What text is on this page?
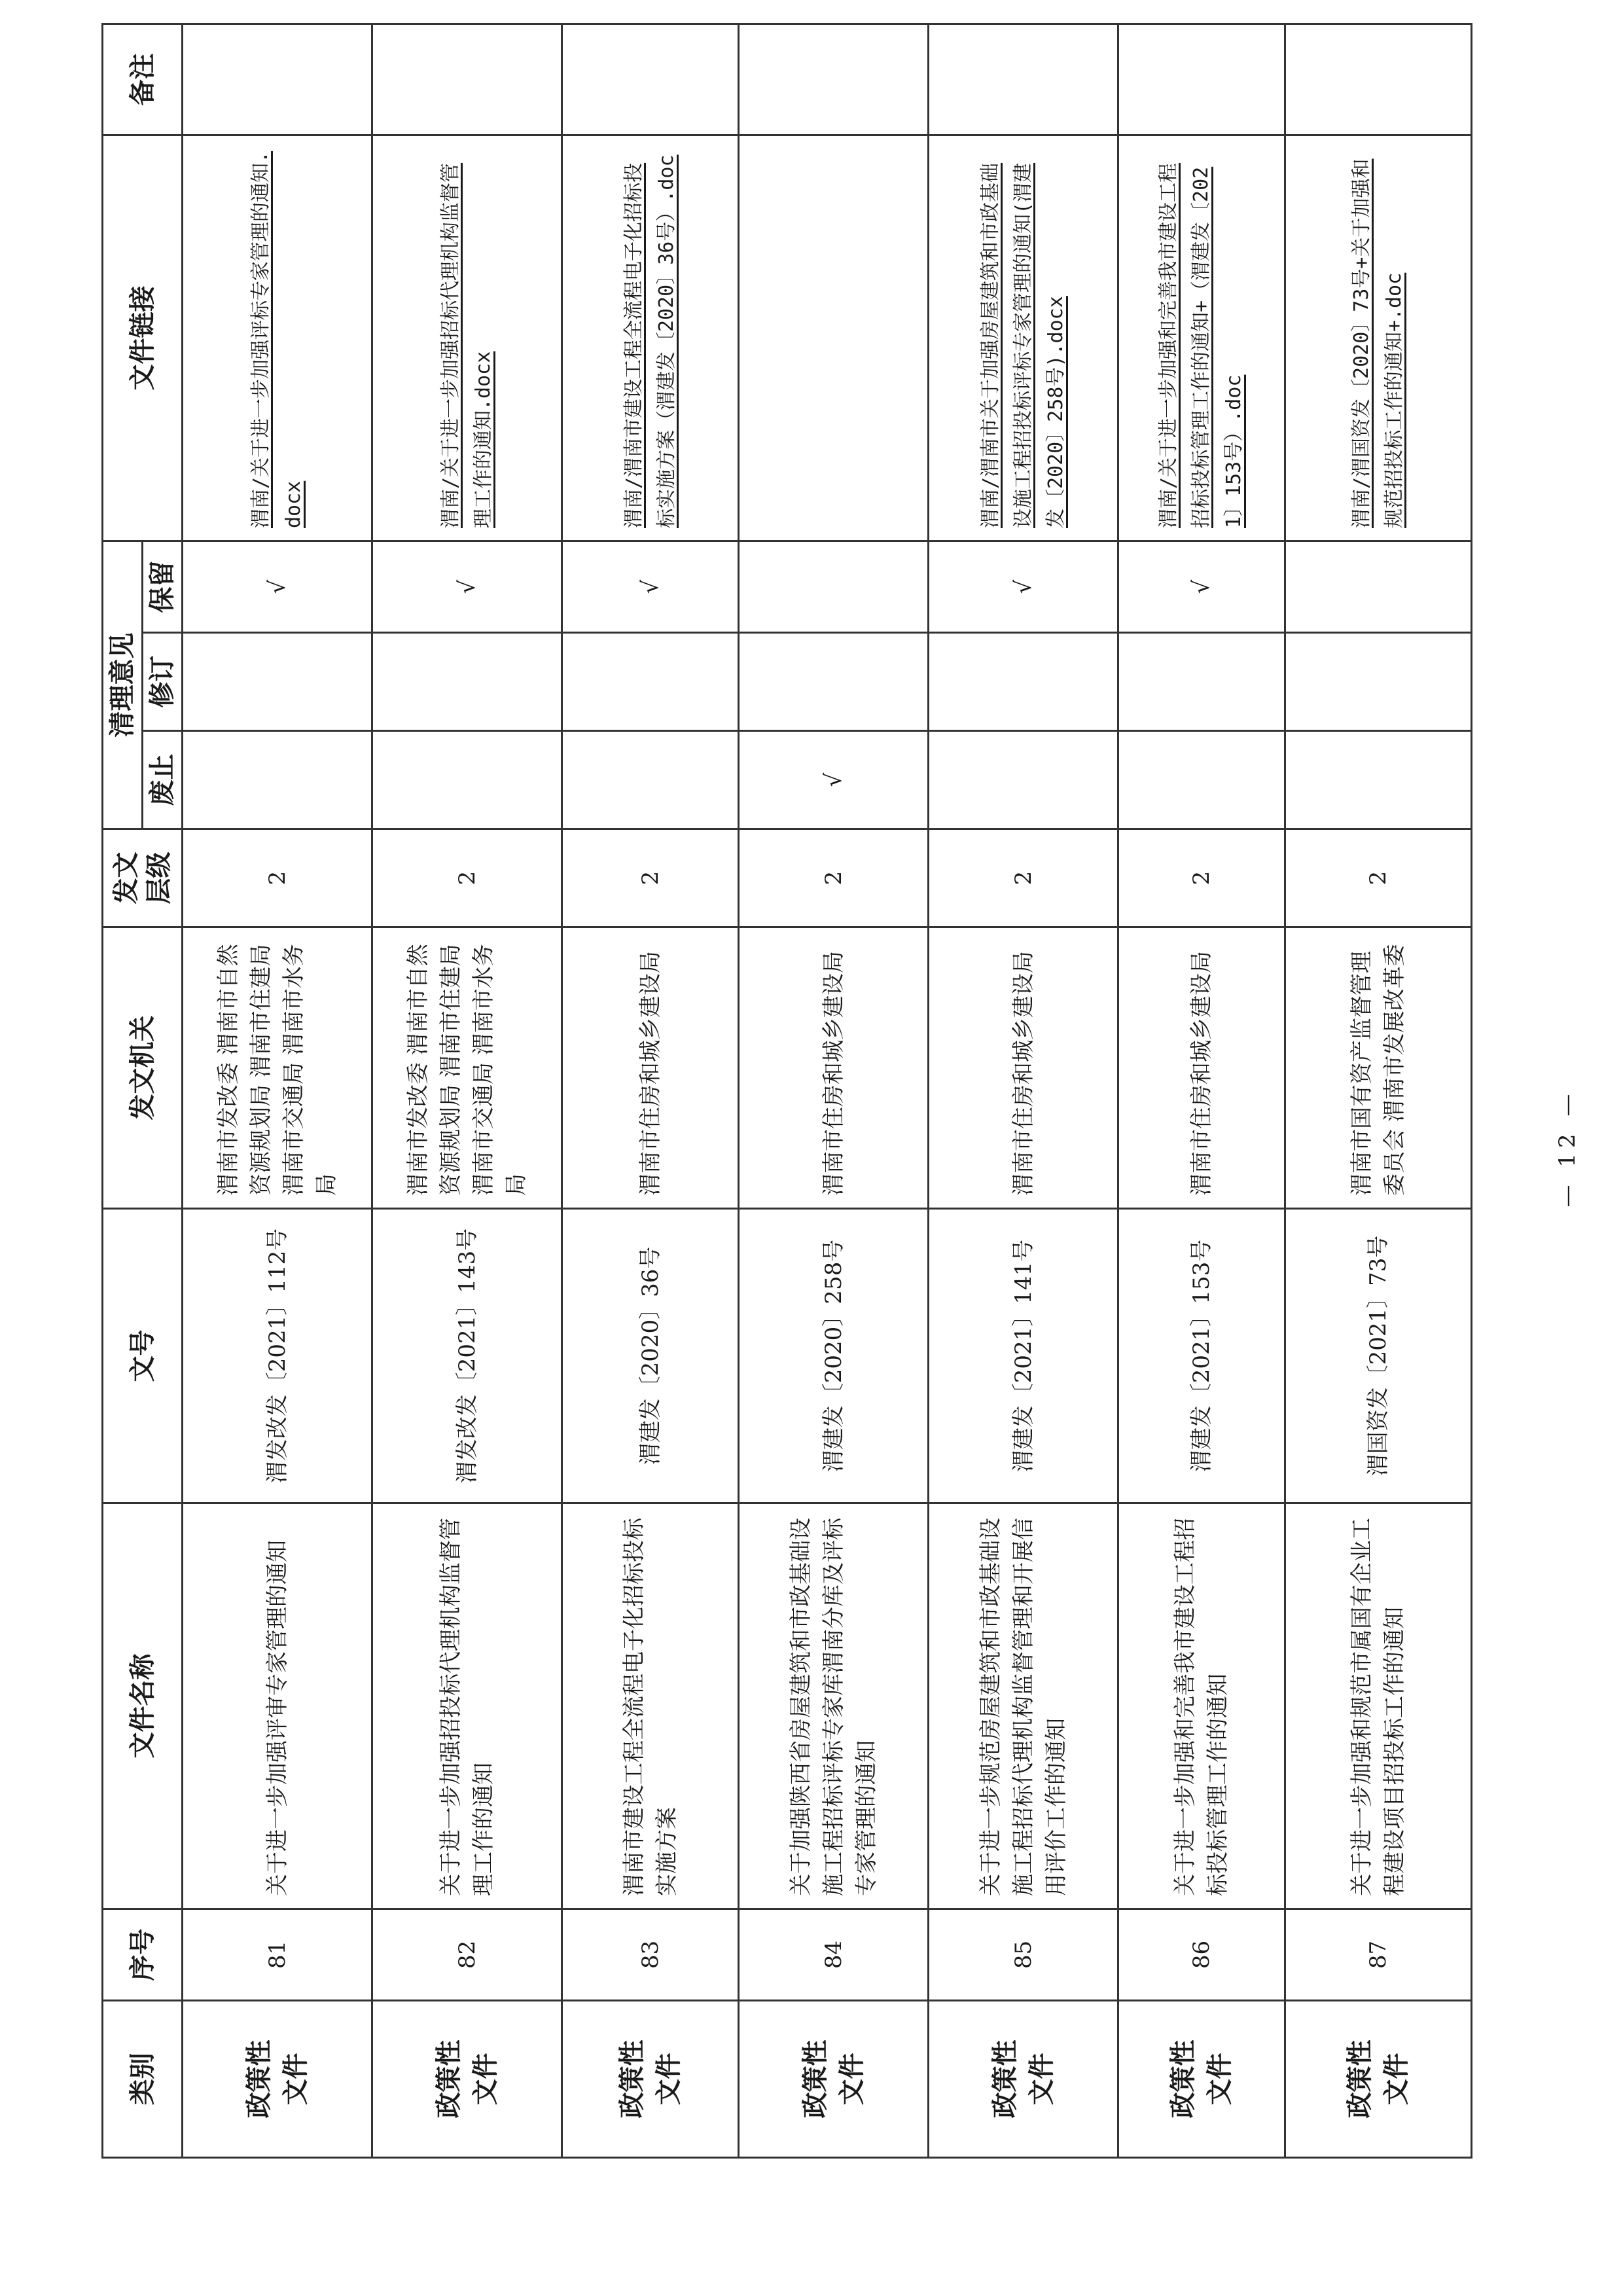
类别	序号	文件名称	文号	发文机关	发文层级	清理意见			文件链接	备注
						废止	修订	保留		
政策性文件	81	关于进一步加强评审专家管理的通知	渭发改发〔2021〕112号	渭南市发改委 渭南市自然资源规划局 渭南市住建局 渭南市交通局 渭南市水务局	2			√	渭南/关于进一步加强评标专家管理的通知.docx	
政策性文件	82	关于进一步加强招投标代理机构监督管理工作的通知	渭发改发〔2021〕143号	渭南市发改委 渭南市自然资源规划局 渭南市住建局 渭南市交通局 渭南市水务局	2			√	渭南/关于进一步加强招标代理机构监督管理工作的通知.docx	
政策性文件	83	渭南市建设工程全流程电子化招标投标实施方案	渭建发〔2020〕36号	渭南市住房和城乡建设局	2			√	渭南/渭南市建设工程全流程电子化招标投标实施方案（渭建发〔2020〕36号）.doc	
政策性文件	84	关于加强陕西省房屋建筑和市政基础设施工程招标评标专家库渭南分库及评标专家管理的通知	渭建发〔2020〕258号	渭南市住房和城乡建设局	2	√				
政策性文件	85	关于进一步规范房屋建筑和市政基础设施工程招标代理机构监督管理和开展信用评价工作的通知	渭建发〔2021〕141号	渭南市住房和城乡建设局	2			√	渭南/渭南市关于加强房屋建筑和市政基础设施工程招投标评标专家管理的通知(渭建发〔2020〕258号).docx	
政策性文件	86	关于进一步加强和完善我市建设工程招标投标管理工作的通知	渭建发〔2021〕153号	渭南市住房和城乡建设局	2			√	渭南/关于进一步加强和完善我市建设工程招标投标管理工作的通知+（渭建发〔2021〕153号）.doc	
政策性文件	87	关于进一步加强和规范市属国有企业工程建设项目招投标工作的通知	渭国资发〔2021〕73号	渭南市国有资产监督管理委员会 渭南市发展改革委	2				渭南/渭国资发〔2020〕73号+关于加强和规范招投标工作的通知+.doc	
— 12 —
